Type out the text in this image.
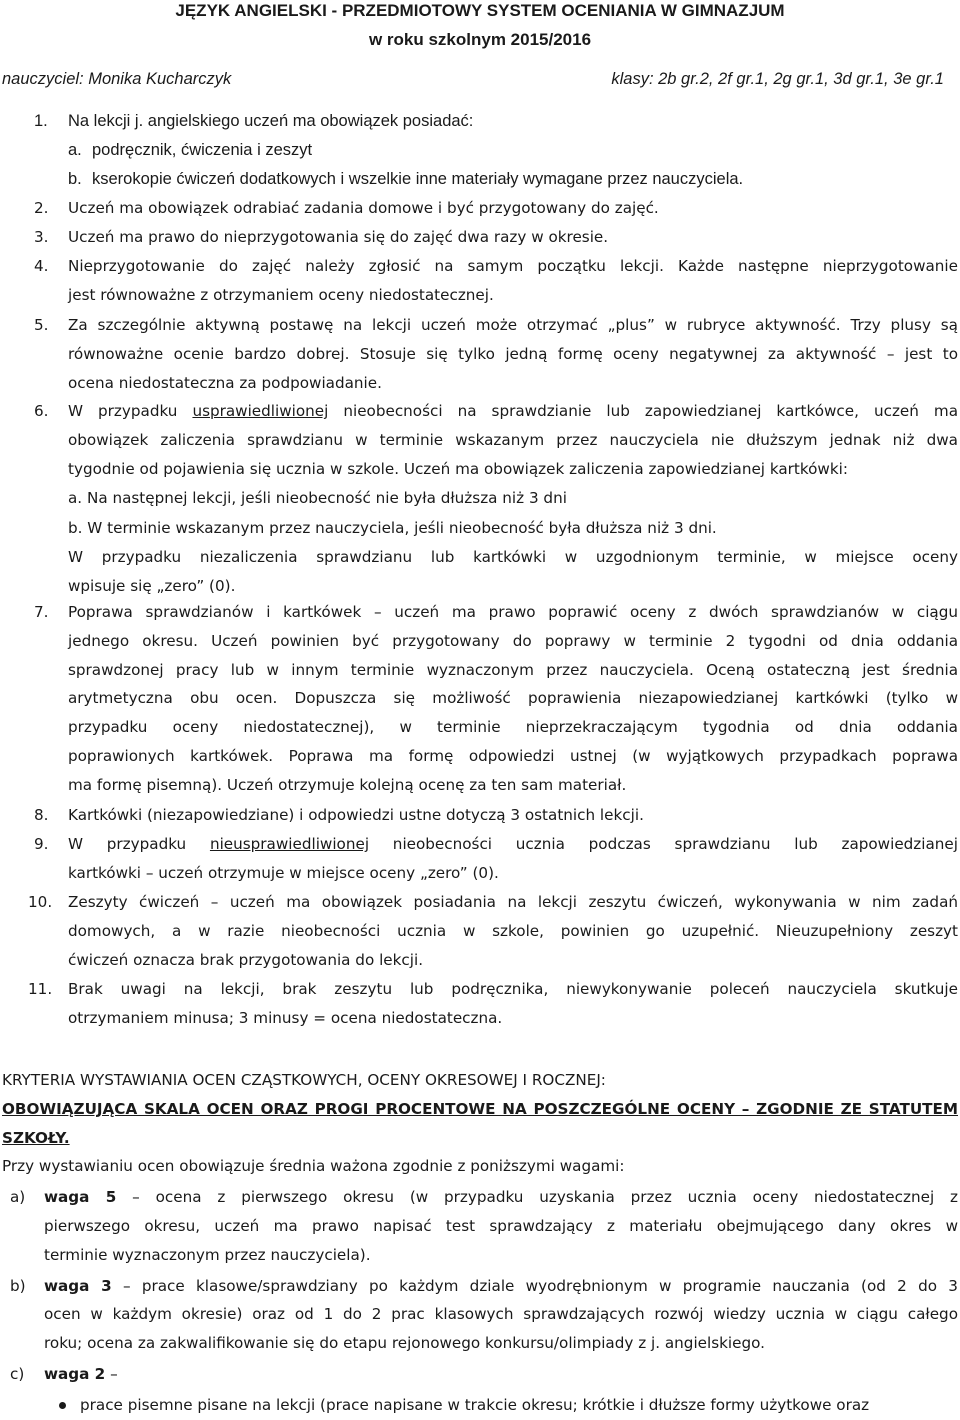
JĘZYK ANGIELSKI - PRZEDMIOTOWY SYSTEM OCENIANIA W GIMNAZJUM
w roku szkolnym 2015/2016
nauczyciel: Monika Kucharczyk	klasy: 2b gr.2, 2f gr.1, 2g gr.1, 3d gr.1, 3e gr.1
1. Na lekcji j. angielskiego uczeń ma obowiązek posiadać:
a. podręcznik, ćwiczenia i zeszyt
b. kserokopie ćwiczeń dodatkowych i wszelkie inne materiały wymagane przez nauczyciela.
2. Uczeń ma obowiązek odrabiać zadania domowe i być przygotowany do zajęć.
3. Uczeń ma prawo do nieprzygotowania się do zajęć dwa razy w okresie.
4. Nieprzygotowanie do zajęć należy zgłosić na samym początku lekcji. Każde następne nieprzygotowanie
jest równoważne z otrzymaniem oceny niedostatecznej.
5. Za szczególnie aktywną postawę na lekcji uczeń może otrzymać „plus” w rubryce aktywność. Trzy plusy są
równoważne ocenie bardzo dobrej. Stosuje się tylko jedną formę oceny negatywnej za aktywność – jest to
ocena niedostateczna za podpowiadanie.
6. W przypadku usprawiedliwionej nieobecności na sprawdzianie lub zapowiedzianej kartkówce, uczeń ma
obowiązek zaliczenia sprawdzianu w terminie wskazanym przez nauczyciela nie dłuższym jednak niż dwa
tygodnie od pojawienia się ucznia w szkole. Uczeń ma obowiązek zaliczenia zapowiedzianej kartkówki:
a. Na następnej lekcji, jeśli nieobecność nie była dłuższa niż 3 dni
b. W terminie wskazanym przez nauczyciela, jeśli nieobecność była dłuższa niż 3 dni.
W przypadku niezaliczenia sprawdzianu lub kartkówki w uzgodnionym terminie, w miejsce oceny
wpisuje się „zero” (0).
7. Poprawa sprawdzianów i kartkówek – uczeń ma prawo poprawić oceny z dwóch sprawdzianów w ciągu
jednego okresu. Uczeń powinien być przygotowany do poprawy w terminie 2 tygodni od dnia oddania
sprawdzonej pracy lub w innym terminie wyznaczonym przez nauczyciela. Oceną ostateczną jest średnia
arytmetyczna obu ocen. Dopuszcza się możliwość poprawienia niezapowiedzianej kartkówki (tylko w
przypadku oceny niedostatecznej), w terminie nieprzekraczającym tygodnia od dnia oddania
poprawionych kartkówek. Poprawa ma formę odpowiedzi ustnej (w wyjątkowych przypadkach poprawa
ma formę pisemną). Uczeń otrzymuje kolejną ocenę za ten sam materiał.
8. Kartkówki (niezapowiedziane) i odpowiedzi ustne dotyczą 3 ostatnich lekcji.
9. W przypadku nieusprawiedliwionej nieobecności ucznia podczas sprawdzianu lub zapowiedzianej
kartkówki – uczeń otrzymuje w miejsce oceny „zero” (0).
10. Zeszyty ćwiczeń – uczeń ma obowiązek posiadania na lekcji zeszytu ćwiczeń, wykonywania w nim zadań
domowych, a w razie nieobecności ucznia w szkole, powinien go uzupełnić. Nieuzupełniony zeszyt
ćwiczeń oznacza brak przygotowania do lekcji.
11. Brak uwagi na lekcji, brak zeszytu lub podręcznika, niewykonywanie poleceń nauczyciela skutkuje
otrzymaniem minusa; 3 minusy = ocena niedostateczna.
KRYTERIA WYSTAWIANIA OCEN CZĄSTKOWYCH, OCENY OKRESOWEJ I ROCZNEJ:
OBOWIĄZUJĄCA SKALA OCEN ORAZ PROGI PROCENTOWE NA POSZCZEGÓLNE OCENY – ZGODNIE ZE STATUTEM
SZKOŁY.
Przy wystawianiu ocen obowiązuje średnia ważona zgodnie z poniższymi wagami:
a) waga 5 – ocena z pierwszego okresu (w przypadku uzyskania przez ucznia oceny niedostatecznej z
pierwszego okresu, uczeń ma prawo napisać test sprawdzający z materiału obejmującego dany okres w
terminie wyznaczonym przez nauczyciela).
b) waga 3 – prace klasowe/sprawdziany po każdym dziale wyodrębnionym w programie nauczania (od 2 do 3
ocen w każdym okresie) oraz od 1 do 2 prac klasowych sprawdzających rozwój wiedzy ucznia w ciągu całego
roku; ocena za zakwalifikowanie się do etapu rejonowego konkursu/olimpiady z j. angielskiego.
c) waga 2 –
prace pisemne pisane na lekcji (prace napisane w trakcie okresu; krótkie i dłuższe formy użytkowe oraz
